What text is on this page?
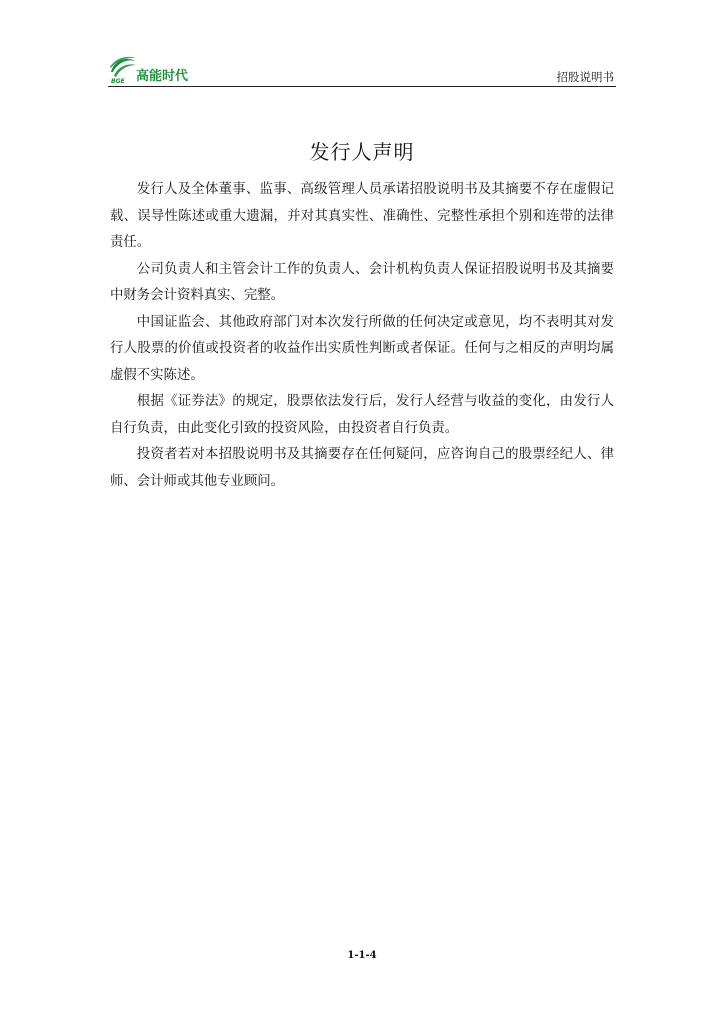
高能时代
BGE	招股说明书
发行人声明

发行人及全体董事、监事、高级管理人员承诺招股说明书及其摘要不存在虚假记载、误导性陈述或重大遗漏，并对其真实性、准确性、完整性承担个别和连带的法律责任。

公司负责人和主管会计工作的负责人、会计机构负责人保证招股说明书及其摘要中财务会计资料真实、完整。

中国证监会、其他政府部门对本次发行所做的任何决定或意见，均不表明其对发行人股票的价值或投资者的收益作出实质性判断或者保证。任何与之相反的声明均属虚假不实陈述。

根据《证券法》的规定，股票依法发行后，发行人经营与收益的变化，由发行人自行负责，由此变化引致的投资风险，由投资者自行负责。

投资者若对本招股说明书及其摘要存在任何疑问，应咨询自己的股票经纪人、律师、会计师或其他专业顾问。

1-1-4
